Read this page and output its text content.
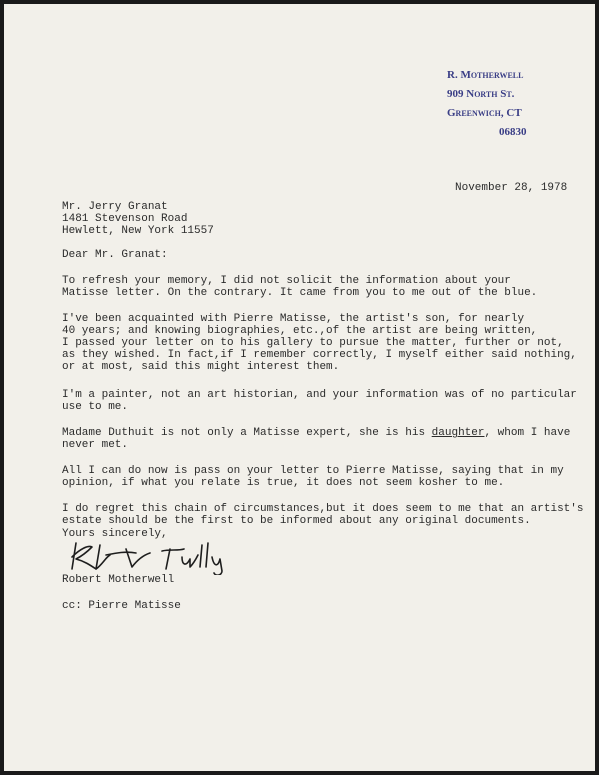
R. Motherwell
909 North St.
Greenwich, CT
06830
November 28, 1978
Mr. Jerry Granat
1481 Stevenson Road
Hewlett, New York 11557
Dear Mr. Granat:
To refresh your memory, I did not solicit the information about your
Matisse letter. On the contrary. It came from you to me out of the blue.
I've been acquainted with Pierre Matisse, the artist's son, for nearly
40 years; and knowing biographies, etc.,of the artist are being written,
I passed your letter on to his gallery to pursue the matter, further or not,
as they wished. In fact,if I remember correctly, I myself either said nothing,
or at most, said this might interest them.
I'm a painter, not an art historian, and your information was of no particular
use to me.
Madame Duthuit is not only a Matisse expert, she is his daughter, whom I have
never met.
All I can do now is pass on your letter to Pierre Matisse, saying that in my
opinion, if what you relate is true, it does not seem kosher to me.
I do regret this chain of circumstances,but it does seem to me that an artist's
estate should be the first to be informed about any original documents.
Yours sincerely,
Robert Motherwell
cc: Pierre Matisse
